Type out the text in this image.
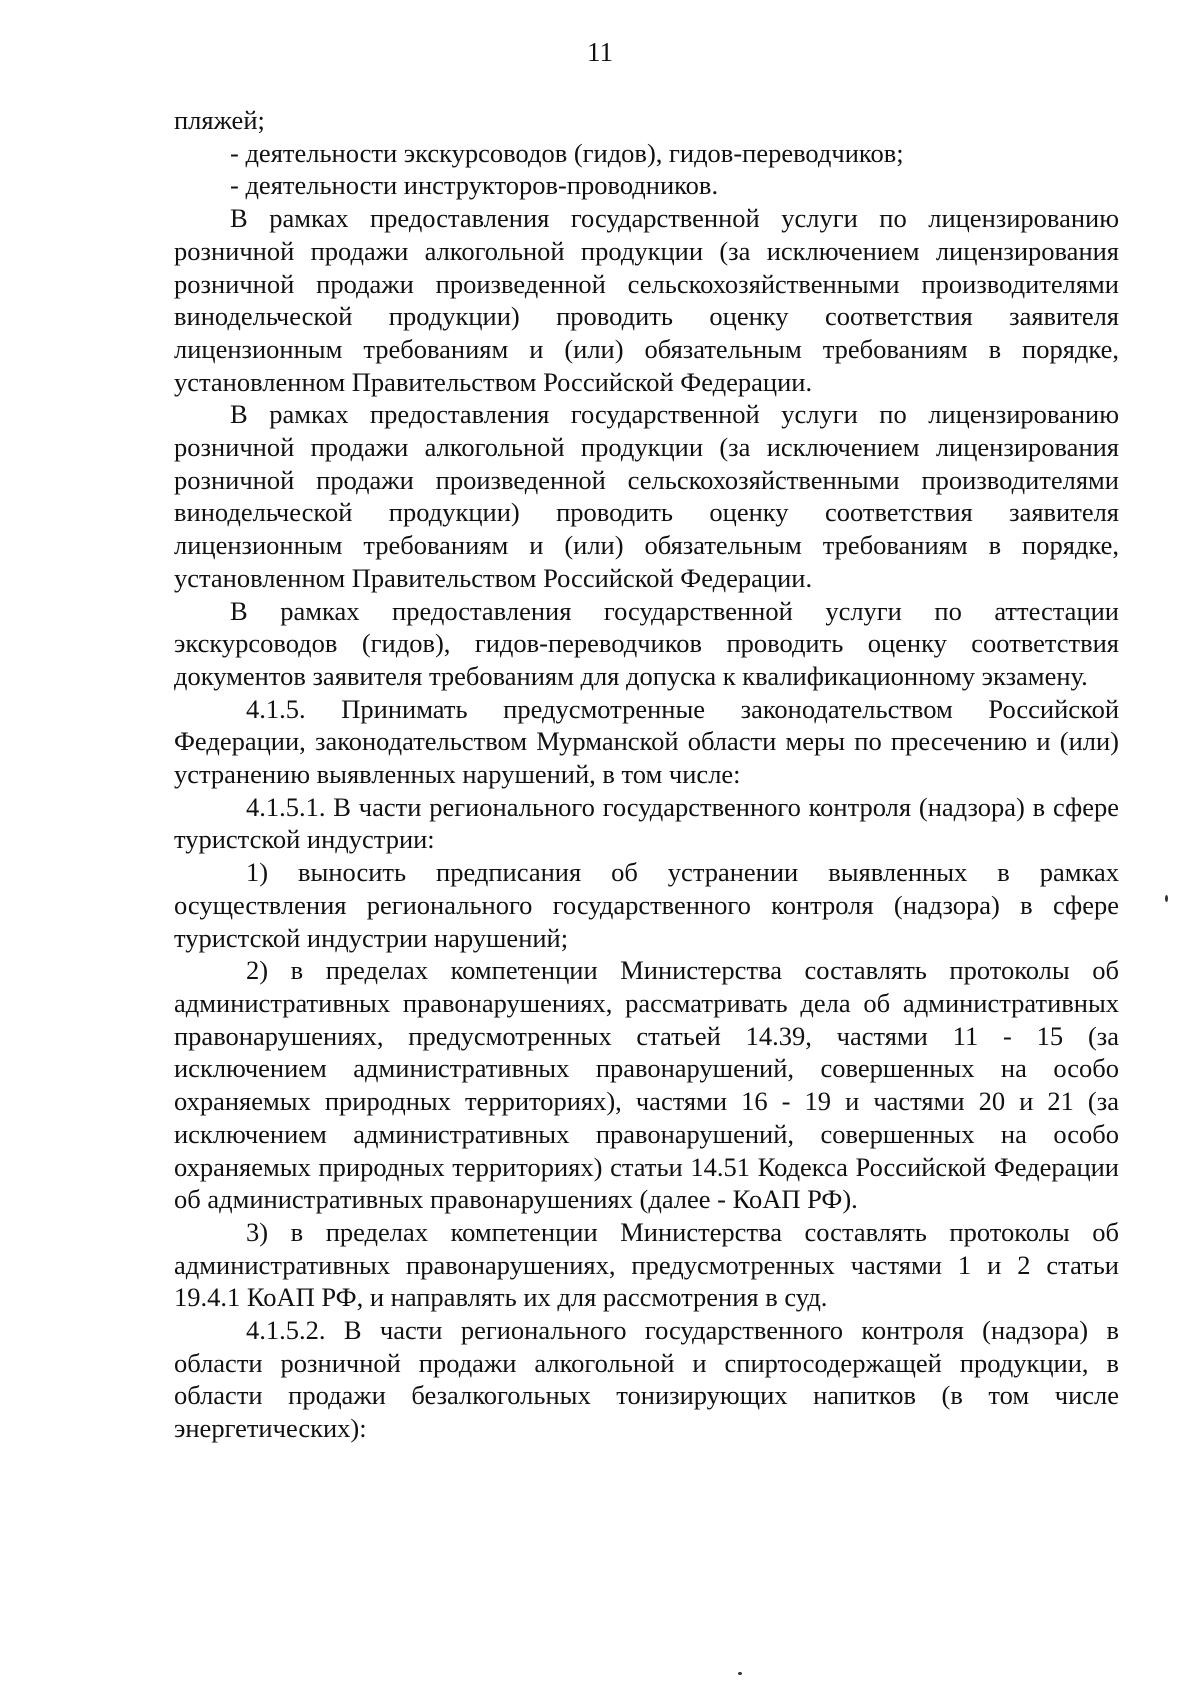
11

пляжей;

- деятельности экскурсоводов (гидов), гидов-переводчиков;

- деятельности инструкторов-проводников.

В рамках предоставления государственной услуги по лицензированию розничной продажи алкогольной продукции (за исключением лицензирования розничной продажи произведенной сельскохозяйственными производителями винодельческой продукции) проводить оценку соответствия заявителя лицензионным требованиям и (или) обязательным требованиям в порядке, установленном Правительством Российской Федерации.

В рамках предоставления государственной услуги по лицензированию розничной продажи алкогольной продукции (за исключением лицензирования розничной продажи произведенной сельскохозяйственными производителями винодельческой продукции) проводить оценку соответствия заявителя лицензионным требованиям и (или) обязательным требованиям в порядке, установленном Правительством Российской Федерации.

В рамках предоставления государственной услуги по аттестации экскурсоводов (гидов), гидов-переводчиков проводить оценку соответствия документов заявителя требованиям для допуска к квалификационному экзамену.

4.1.5. Принимать предусмотренные законодательством Российской Федерации, законодательством Мурманской области меры по пресечению и (или) устранению выявленных нарушений, в том числе:

4.1.5.1. В части регионального государственного контроля (надзора) в сфере туристской индустрии:

1) выносить предписания об устранении выявленных в рамках осуществления регионального государственного контроля (надзора) в сфере туристской индустрии нарушений;

2) в пределах компетенции Министерства составлять протоколы об административных правонарушениях, рассматривать дела об административных правонарушениях, предусмотренных статьей 14.39, частями 11 - 15 (за исключением административных правонарушений, совершенных на особо охраняемых природных территориях), частями 16 - 19 и частями 20 и 21 (за исключением административных правонарушений, совершенных на особо охраняемых природных территориях) статьи 14.51 Кодекса Российской Федерации об административных правонарушениях (далее - КоАП РФ).

3) в пределах компетенции Министерства составлять протоколы об административных правонарушениях, предусмотренных частями 1 и 2 статьи 19.4.1 КоАП РФ, и направлять их для рассмотрения в суд.

4.1.5.2. В части регионального государственного контроля (надзора) в области розничной продажи алкогольной и спиртосодержащей продукции, в области продажи безалкогольных тонизирующих напитков (в том числе энергетических):
